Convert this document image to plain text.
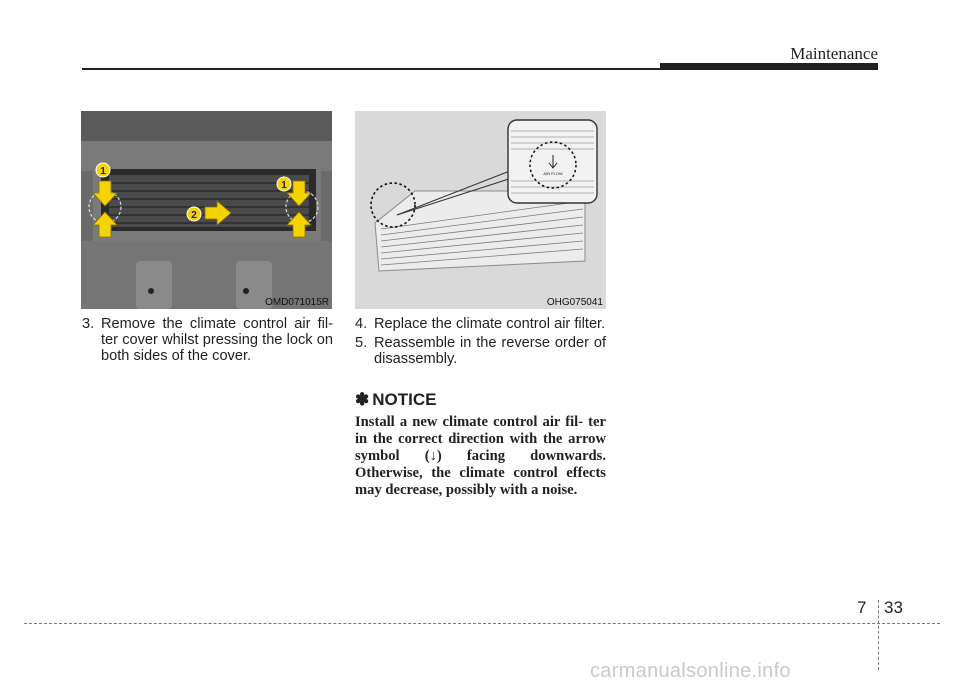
Maintenance
1
2
1
OMD071015R
AIR FLOW
OHG075041
3. Remove the climate control air fil- ter cover whilst pressing the lock on both sides of the cover.
4. Replace the climate control air filter.
5. Reassemble in the reverse order of disassembly.
✽ NOTICE
Install a new climate control air fil- ter in the correct direction with the arrow symbol (↓) facing downwards. Otherwise, the climate control effects may decrease, possibly with a noise.
7 33
carmanualsonline.info
